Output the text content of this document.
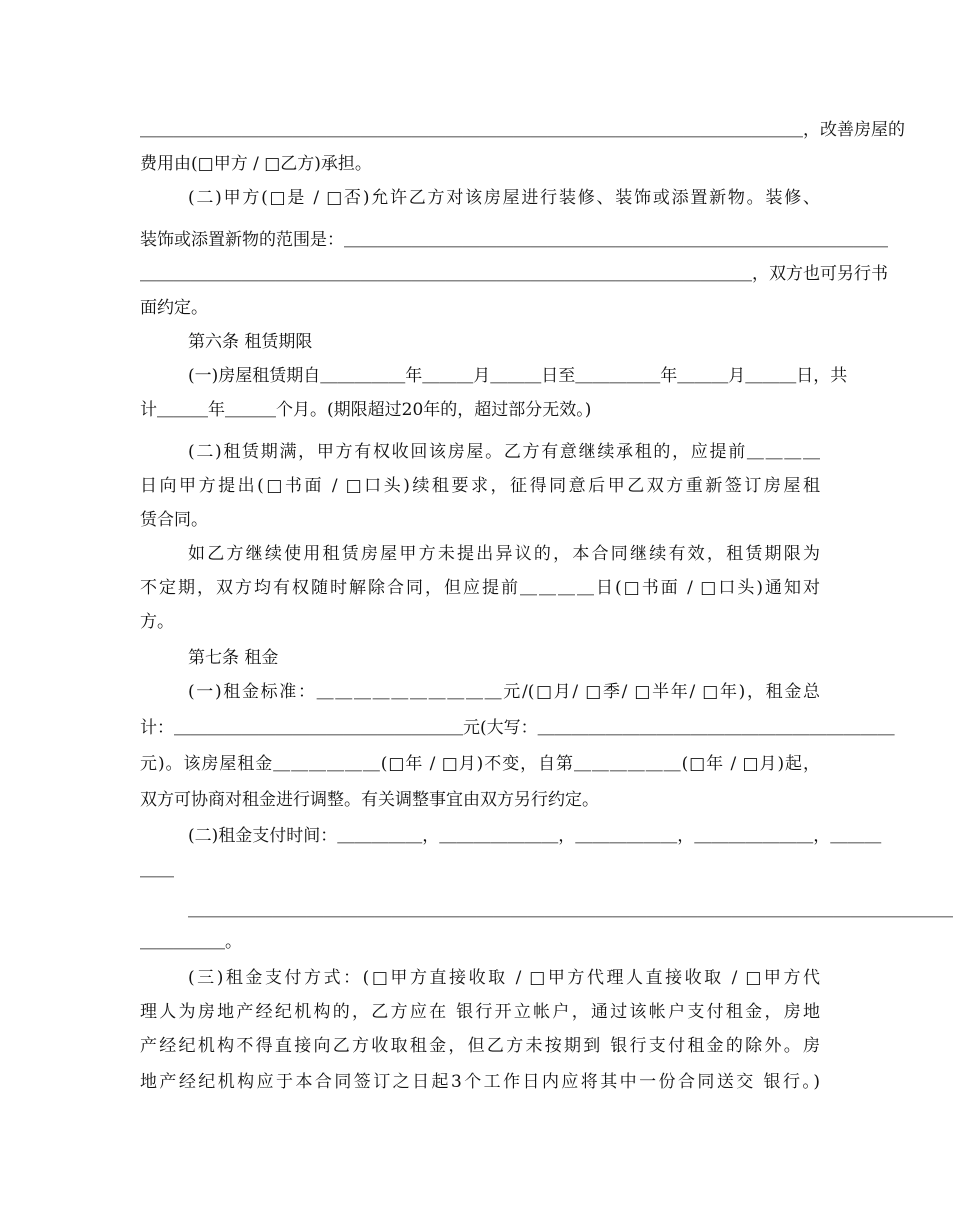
＿＿＿＿＿＿＿＿＿＿＿＿＿＿＿＿＿＿＿＿＿＿＿＿＿＿＿＿＿＿＿＿＿＿＿＿＿＿＿，改善房屋的
费用由(□甲方 / □乙方)承担。
(二)甲方(□是 / □否)允许乙方对该房屋进行装修、装饰或添置新物。装修、
装饰或添置新物的范围是：＿＿＿＿＿＿＿＿＿＿＿＿＿＿＿＿＿＿＿＿＿＿＿＿＿＿＿＿＿＿＿＿
＿＿＿＿＿＿＿＿＿＿＿＿＿＿＿＿＿＿＿＿＿＿＿＿＿＿＿＿＿＿＿＿＿＿＿＿，双方也可另行书
面约定。
第六条 租赁期限
(一)房屋租赁期自＿＿＿＿＿年＿＿＿月＿＿＿日至＿＿＿＿＿年＿＿＿月＿＿＿日，共
计＿＿＿年＿＿＿个月。(期限超过20年的，超过部分无效。)
(二)租赁期满，甲方有权收回该房屋。乙方有意继续承租的，应提前＿＿＿＿
日向甲方提出(□书面 / □口头)续租要求，征得同意后甲乙双方重新签订房屋租
赁合同。
如乙方继续使用租赁房屋甲方未提出异议的，本合同继续有效，租赁期限为
不定期，双方均有权随时解除合同，但应提前＿＿＿＿日(□书面 / □口头)通知对
方。
第七条 租金
(一)租金标准：＿＿＿＿＿＿＿＿＿＿元/(□月/ □季/ □半年/ □年)，租金总
计：＿＿＿＿＿＿＿＿＿＿＿＿＿＿＿＿＿元(大写：＿＿＿＿＿＿＿＿＿＿＿＿＿＿＿＿＿＿＿＿＿
元)。该房屋租金＿＿＿＿＿＿(□年 / □月)不变，自第＿＿＿＿＿＿(□年 / □月)起，
双方可协商对租金进行调整。有关调整事宜由双方另行约定。
(二)租金支付时间：＿＿＿＿＿，＿＿＿＿＿＿＿，＿＿＿＿＿＿，＿＿＿＿＿＿＿，＿＿＿
＿＿
＿＿＿＿＿＿＿＿＿＿＿＿＿＿＿＿＿＿＿＿＿＿＿＿＿＿＿＿＿＿＿＿＿＿＿＿＿＿＿＿＿＿＿＿＿
＿＿＿＿＿。
(三)租金支付方式：(□甲方直接收取 / □甲方代理人直接收取 / □甲方代
理人为房地产经纪机构的，乙方应在 银行开立帐户，通过该帐户支付租金，房地
产经纪机构不得直接向乙方收取租金，但乙方未按期到 银行支付租金的除外。房
地产经纪机构应于本合同签订之日起3个工作日内应将其中一份合同送交 银行。)
